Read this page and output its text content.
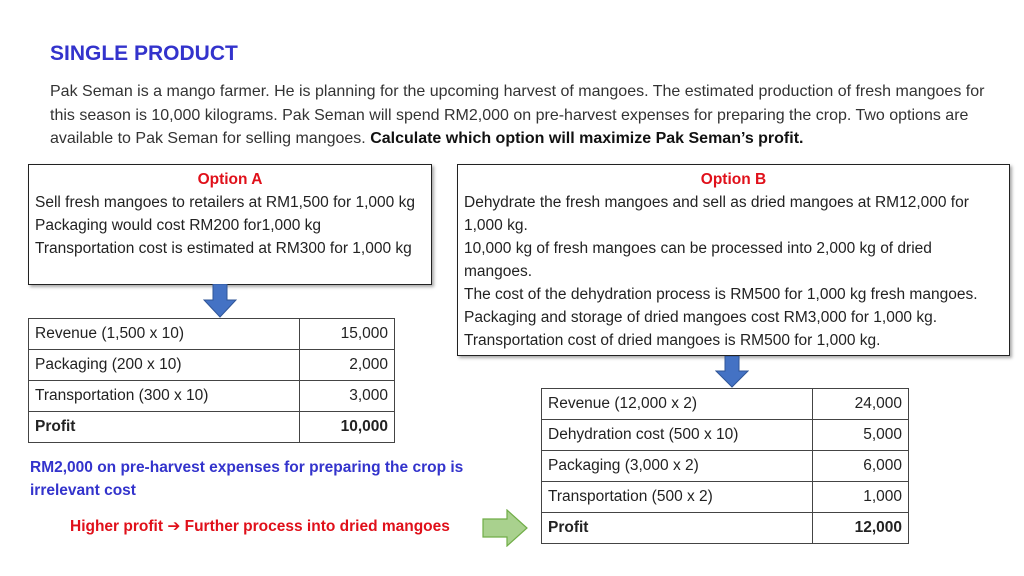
SINGLE PRODUCT
Pak Seman is a mango farmer. He is planning for the upcoming harvest of mangoes. The estimated production of fresh mangoes for this season is 10,000 kilograms. Pak Seman will spend RM2,000 on pre-harvest expenses for preparing the crop. Two options are available to Pak Seman for selling mangoes. Calculate which option will maximize Pak Seman’s profit.
Option A
Sell fresh mangoes to retailers at RM1,500 for 1,000 kg
Packaging would cost RM200 for1,000 kg
Transportation cost is estimated at RM300 for 1,000 kg
Option B
Dehydrate the fresh mangoes and sell as dried mangoes at RM12,000 for 1,000 kg.
10,000 kg of fresh mangoes can be processed into 2,000 kg of dried mangoes.
The cost of the dehydration process is RM500 for 1,000 kg fresh mangoes.
Packaging and storage of dried mangoes cost RM3,000 for 1,000 kg.
Transportation cost of dried mangoes is RM500 for 1,000 kg.
Revenue (1,500 x 10)	15,000
Packaging (200 x 10)	2,000
Transportation (300 x 10)	3,000
Profit	10,000
Revenue (12,000 x 2)	24,000
Dehydration cost (500 x 10)	5,000
Packaging (3,000 x 2)	6,000
Transportation (500 x 2)	1,000
Profit	12,000
RM2,000 on pre-harvest expenses for preparing the crop is irrelevant cost
Higher profit ➔ Further process into dried mangoes
